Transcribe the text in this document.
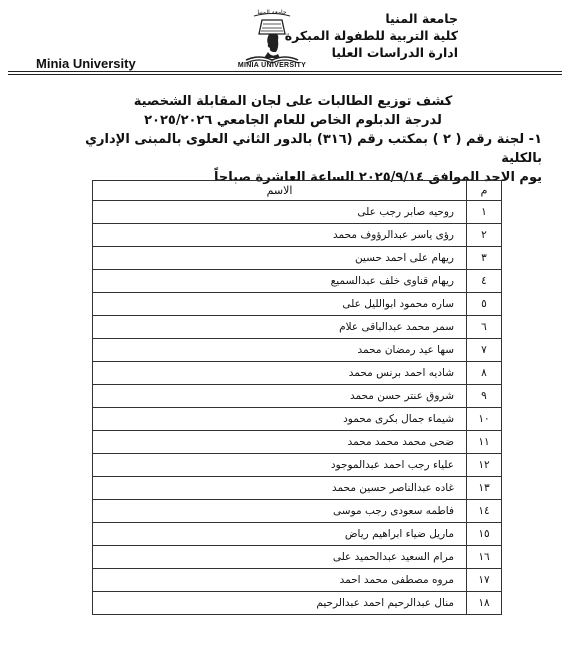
جامعة المنيا
كلية التربية للطفولة المبكرة
ادارة الدراسات العليا
جامعة المنيا
MINIA UNIVERSITY
Minia University
كشف توزيع الطالبات على لجان المقابلة الشخصية
لدرجة الدبلوم الخاص للعام الجامعي ٢٠٢٥/٢٠٢٦
١- لجنة رقم ( ٢ ) بمكتب رقم (٣١٦) بالدور الثاني العلوى بالمبنى الإداري بالكلية
يوم الاحد الموافق ٢٠٢٥/٩/١٤ الساعة العاشرة صباحاً
م	الاسم
١	روحيه صابر رجب على
٢	رؤى ياسر عبدالرؤوف محمد
٣	ريهام على احمد حسين
٤	ريهام قناوى خلف عبدالسميع
٥	ساره محمود ابوالليل على
٦	سمر محمد عبدالباقى علام
٧	سها عيد رمضان محمد
٨	شاديه احمد برنس محمد
٩	شروق عنتر حسن محمد
١٠	شيماء جمال بكرى محمود
١١	ضحى محمد محمد محمد
١٢	علياء رجب احمد عبدالموجود
١٣	غاده عبدالناصر حسين محمد
١٤	فاطمه سعودى رجب موسى
١٥	ماريل ضياء ابراهيم رياض
١٦	مرام السعيد عبدالحميد على
١٧	مروه مصطفى محمد احمد
١٨	منال عبدالرحيم احمد عبدالرحيم
